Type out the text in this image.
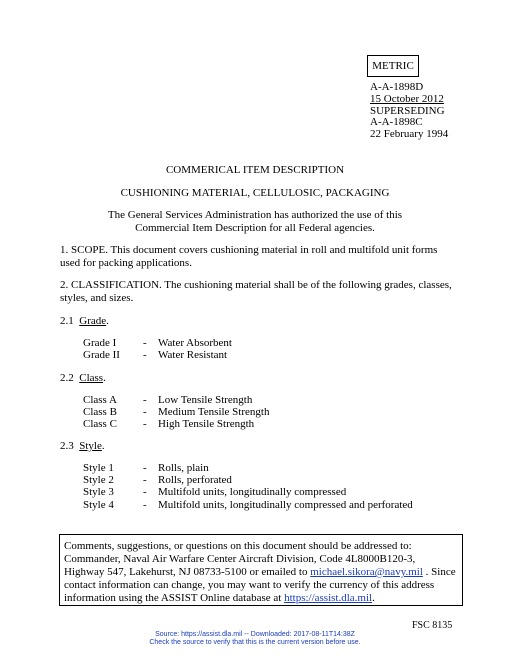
METRIC
A-A-1898D
15 October 2012
SUPERSEDING
A-A-1898C
22 February 1994
COMMERICAL ITEM DESCRIPTION
CUSHIONING MATERIAL, CELLULOSIC, PACKAGING
The General Services Administration has authorized the use of this
Commercial Item Description for all Federal agencies.
1. SCOPE. This document covers cushioning material in roll and multifold unit forms used for packing applications.
2. CLASSIFICATION. The cushioning material shall be of the following grades, classes, styles, and sizes.
2.1 Grade.
Grade I	-	Water Absorbent
Grade II	-	Water Resistant
2.2 Class.
Class A	-	Low Tensile Strength
Class B	-	Medium Tensile Strength
Class C	-	High Tensile Strength
2.3 Style.
Style 1	-	Rolls, plain
Style 2	-	Rolls, perforated
Style 3	-	Multifold units, longitudinally compressed
Style 4	-	Multifold units, longitudinally compressed and perforated
Comments, suggestions, or questions on this document should be addressed to: Commander, Naval Air Warfare Center Aircraft Division, Code 4L8000B120-3, Highway 547, Lakehurst, NJ 08733-5100 or emailed to michael.sikora@navy.mil . Since contact information can change, you may want to verify the currency of this address information using the ASSIST Online database at https://assist.dla.mil.
FSC 8135
Source: https://assist.dla.mil -- Downloaded: 2017-08-11T14:38Z
Check the source to verify that this is the current version before use.
